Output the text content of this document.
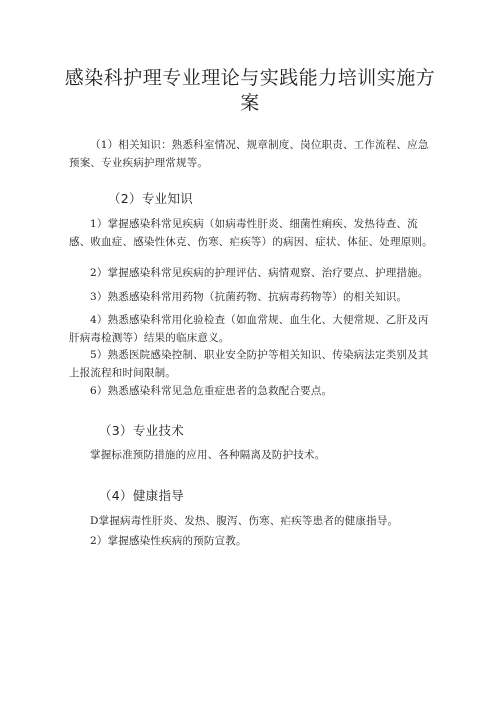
感染科护理专业理论与实践能力培训实施方案
（1）相关知识：熟悉科室情况、规章制度、岗位职责、工作流程、应急预案、专业疾病护理常规等。
（2）专业知识
1）掌握感染科常见疾病（如病毒性肝炎、细菌性痢疾、发热待查、流感、败血症、感染性休克、伤寒、疟疾等）的病因、症状、体征、处理原则。
2）掌握感染科常见疾病的护理评估、病情观察、治疗要点、护理措施。
3）熟悉感染科常用药物（抗菌药物、抗病毒药物等）的相关知识。
4）熟悉感染科常用化验检查（如血常规、血生化、大便常规、乙肝及丙肝病毒检测等）结果的临床意义。
5）熟悉医院感染控制、职业安全防护等相关知识、传染病法定类别及其上报流程和时间限制。
6）熟悉感染科常见急危重症患者的急救配合要点。
（3）专业技术
掌握标准预防措施的应用、各种隔离及防护技术。
（4）健康指导
D掌握病毒性肝炎、发热、腹泻、伤寒、疟疾等患者的健康指导。
2）掌握感染性疾病的预防宣教。
